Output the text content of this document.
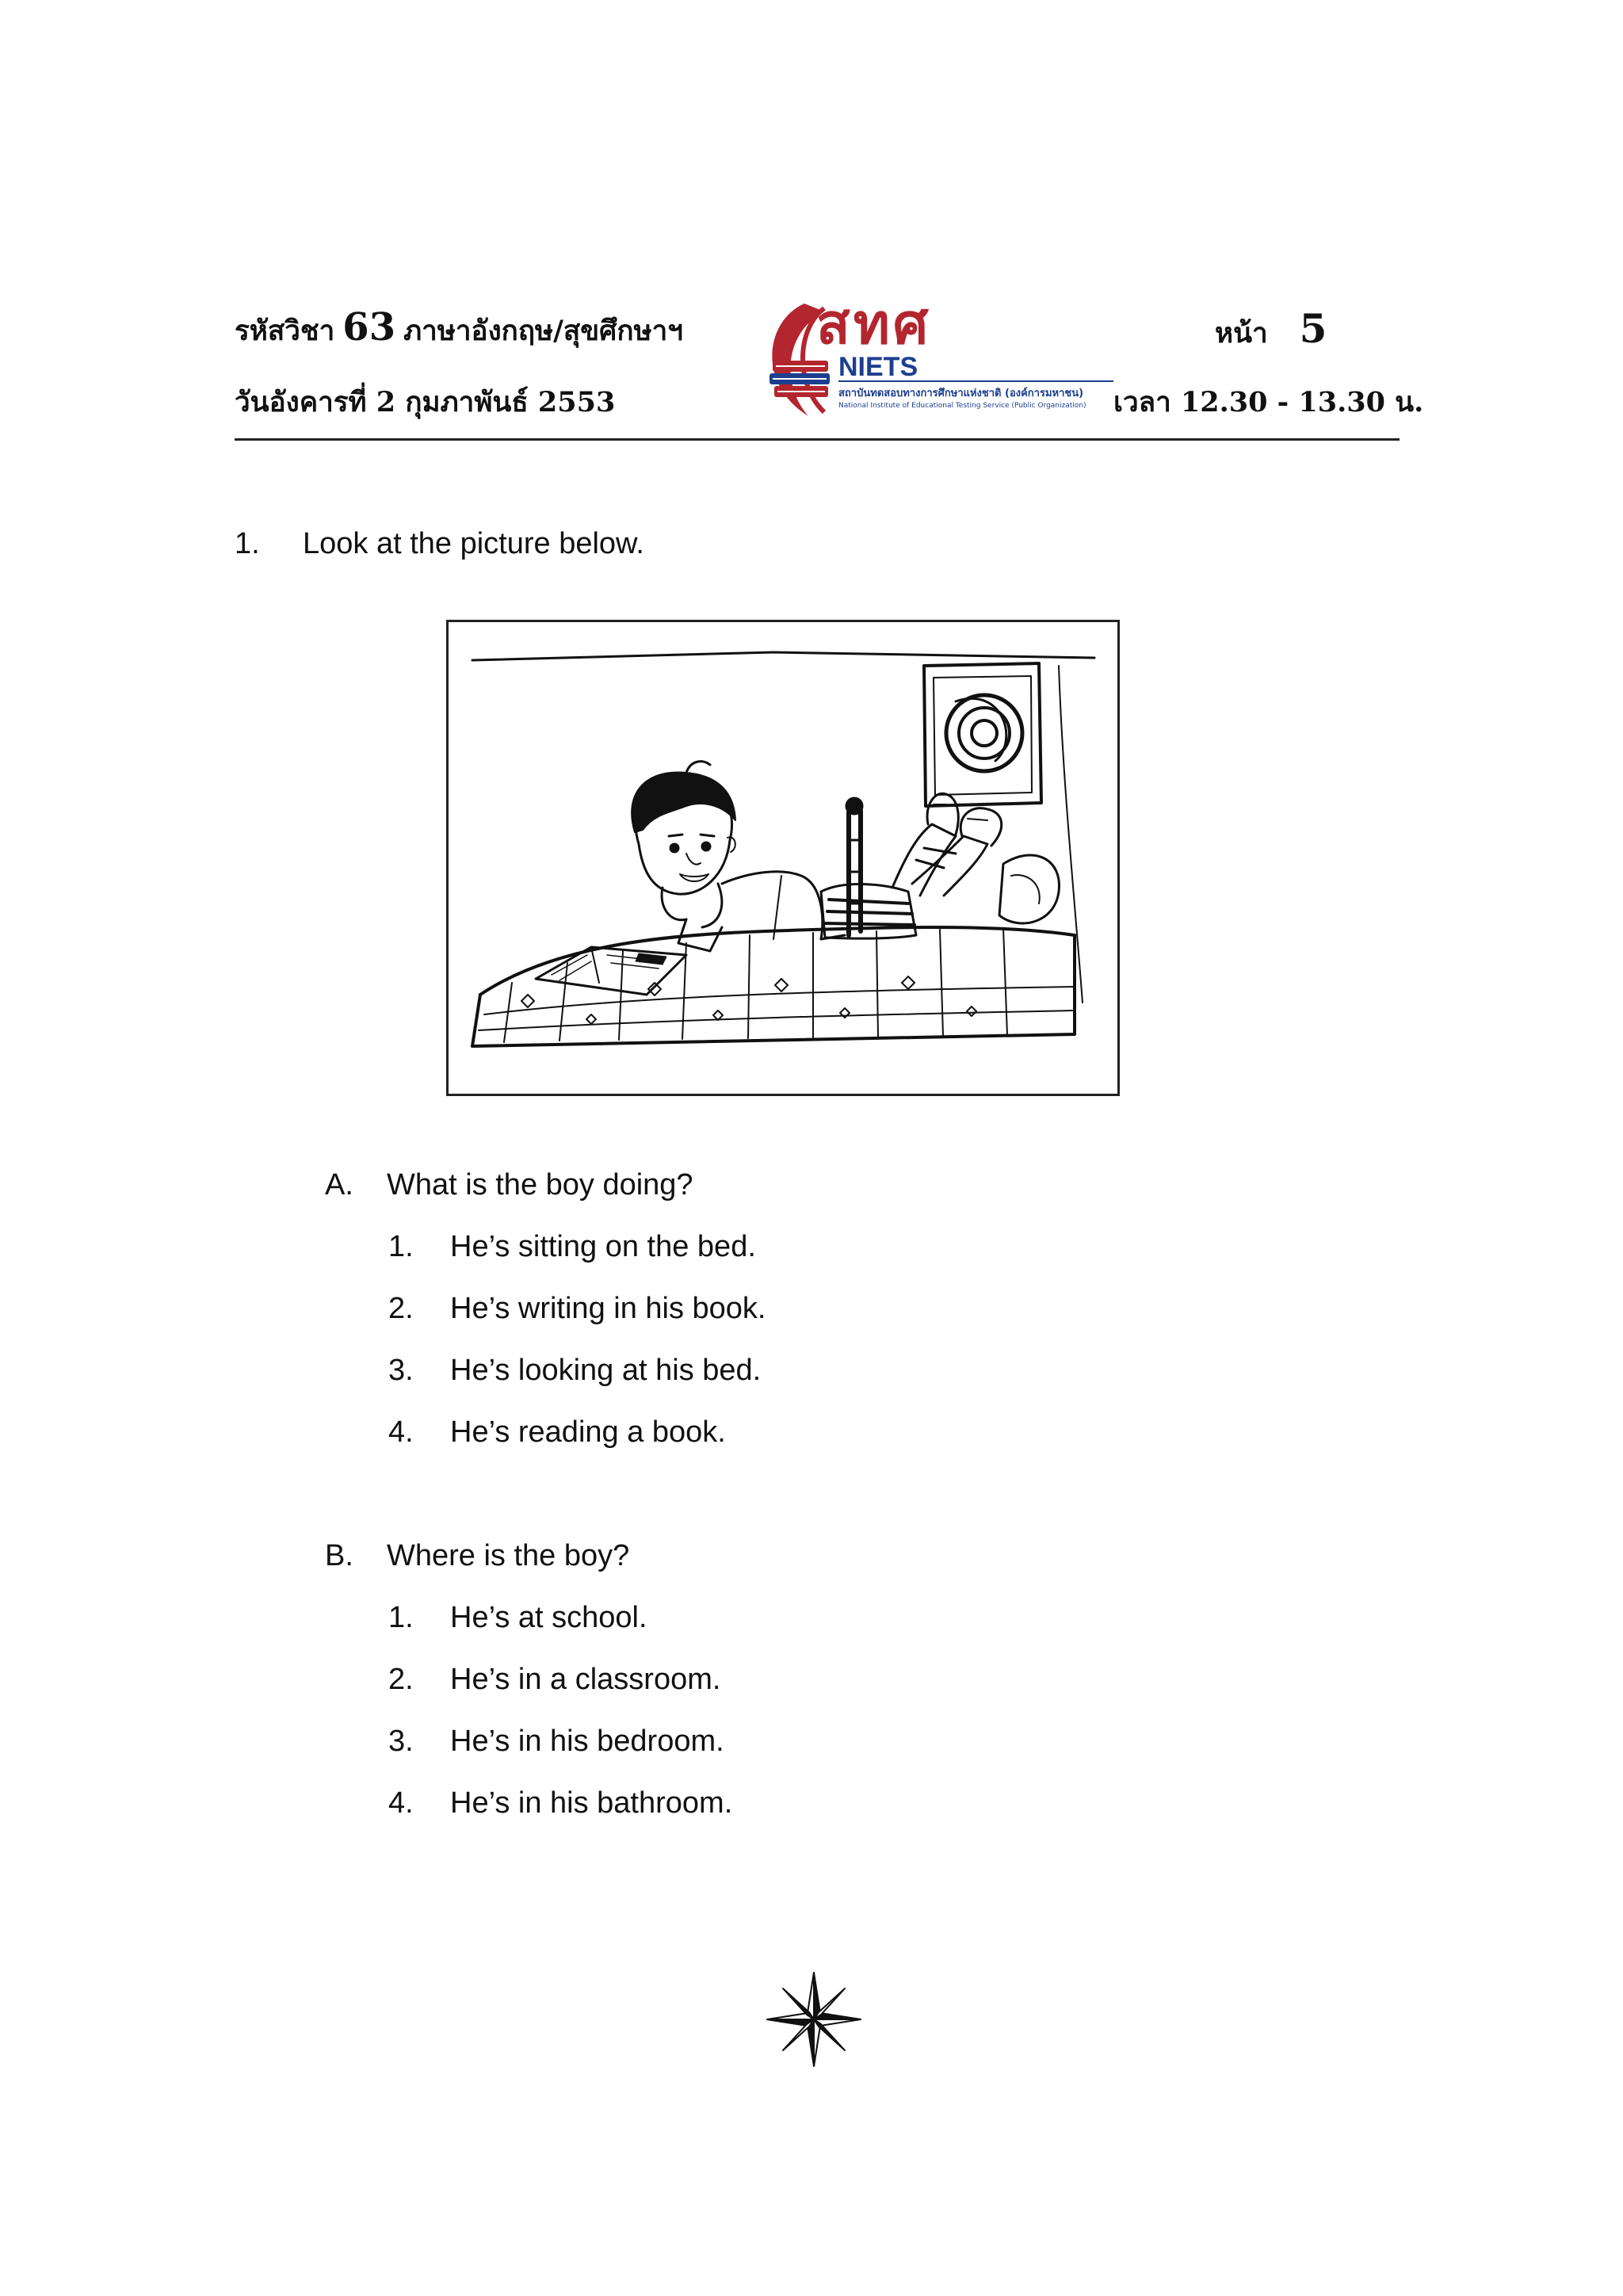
รหัสวิชา 63 ภาษาอังกฤษ/สุขศึกษาฯ
วันอังคารที่ 2 กุมภาพันธ์ 2553
หน้า 5
เวลา 12.30 - 13.30 น.
สทศ
NIETS
สถาบันทดสอบทางการศึกษาแห่งชาติ (องค์การมหาชน)
National Institute of Educational Testing Service (Public Organization)
1. Look at the picture below.
A. What is the boy doing?
1. He’s sitting on the bed.
2. He’s writing in his book.
3. He’s looking at his bed.
4. He’s reading a book.
B. Where is the boy?
1. He’s at school.
2. He’s in a classroom.
3. He’s in his bedroom.
4. He’s in his bathroom.
